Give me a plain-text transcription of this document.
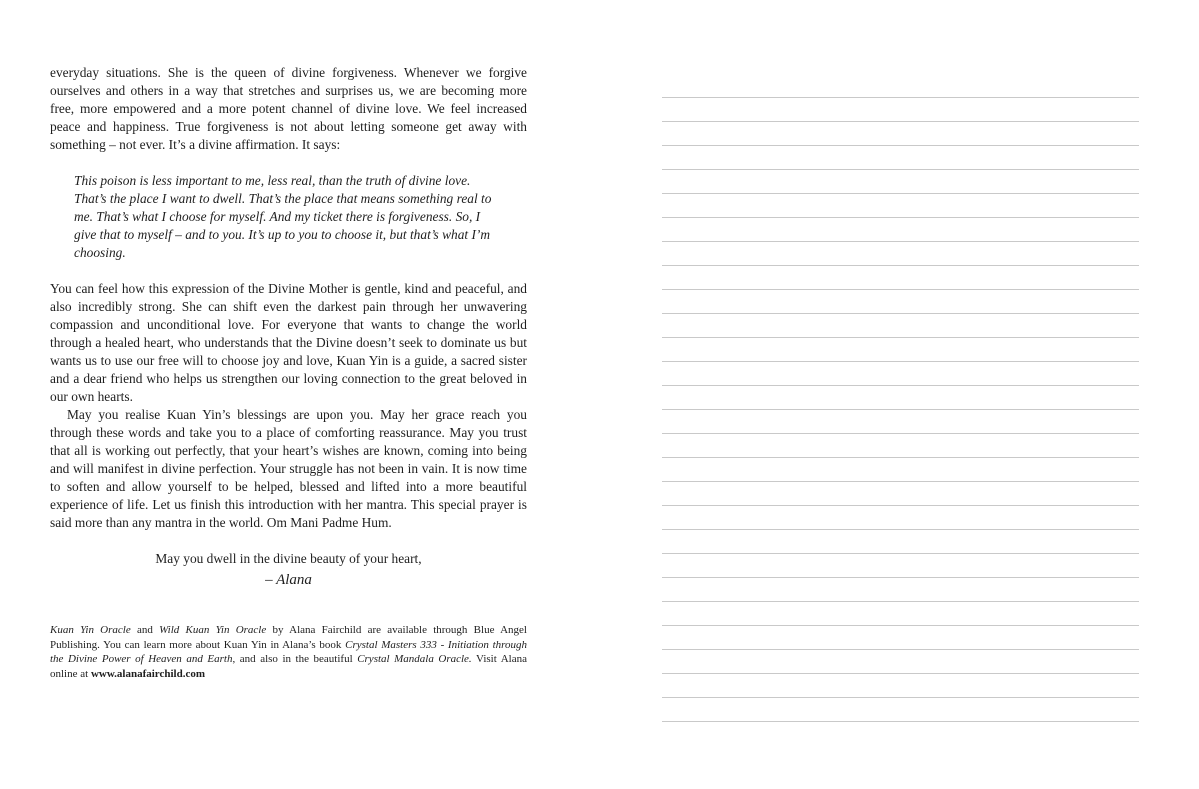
everyday situations. She is the queen of divine forgiveness. Whenever we forgive ourselves and others in a way that stretches and surprises us, we are becoming more free, more empowered and a more potent channel of divine love. We feel increased peace and happiness. True forgiveness is not about letting someone get away with something – not ever. It’s a divine affirmation. It says:

This poison is less important to me, less real, than the truth of divine love. That’s the place I want to dwell. That’s the place that means something real to me. That’s what I choose for myself. And my ticket there is forgiveness. So, I give that to myself – and to you. It’s up to you to choose it, but that’s what I’m choosing.

You can feel how this expression of the Divine Mother is gentle, kind and peaceful, and also incredibly strong. She can shift even the darkest pain through her unwavering compassion and unconditional love. For everyone that wants to change the world through a healed heart, who understands that the Divine doesn’t seek to dominate us but wants us to use our free will to choose joy and love, Kuan Yin is a guide, a sacred sister and a dear friend who helps us strengthen our loving connection to the great beloved in our own hearts.

May you realise Kuan Yin’s blessings are upon you. May her grace reach you through these words and take you to a place of comforting reassurance. May you trust that all is working out perfectly, that your heart’s wishes are known, coming into being and will manifest in divine perfection. Your struggle has not been in vain. It is now time to soften and allow yourself to be helped, blessed and lifted into a more beautiful experience of life. Let us finish this introduction with her mantra. This special prayer is said more than any mantra in the world. Om Mani Padme Hum.

May you dwell in the divine beauty of your heart,
– Alana

Kuan Yin Oracle and Wild Kuan Yin Oracle by Alana Fairchild are available through Blue Angel Publishing. You can learn more about Kuan Yin in Alana’s book Crystal Masters 333 - Initiation through the Divine Power of Heaven and Earth, and also in the beautiful Crystal Mandala Oracle. Visit Alana online at www.alanafairchild.com
